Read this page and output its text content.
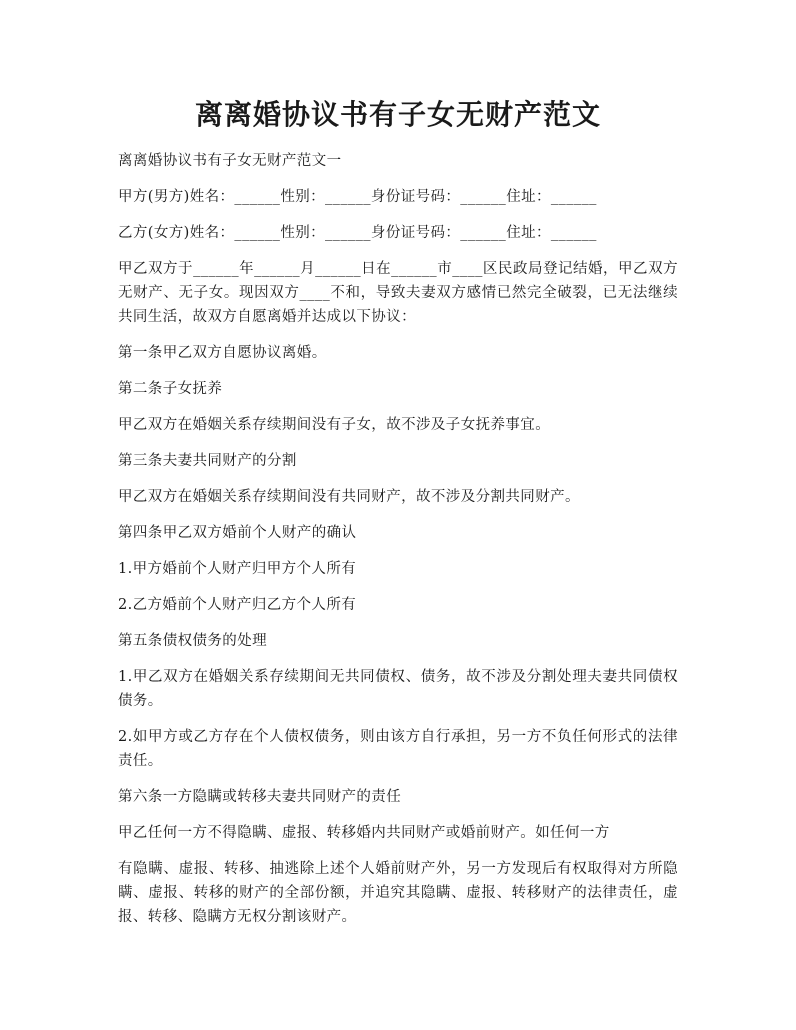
离离婚协议书有子女无财产范文

离离婚协议书有子女无财产范文一

甲方(男方)姓名：______性别：______身份证号码：______住址：______

乙方(女方)姓名：______性别：______身份证号码：______住址：______

甲乙双方于______年______月______日在______市____区民政局登记结婚，甲乙双方无财产、无子女。现因双方____不和，导致夫妻双方感情已然完全破裂，已无法继续共同生活，故双方自愿离婚并达成以下协议：

第一条甲乙双方自愿协议离婚。

第二条子女抚养

甲乙双方在婚姻关系存续期间没有子女，故不涉及子女抚养事宜。

第三条夫妻共同财产的分割

甲乙双方在婚姻关系存续期间没有共同财产，故不涉及分割共同财产。

第四条甲乙双方婚前个人财产的确认

1.甲方婚前个人财产归甲方个人所有

2.乙方婚前个人财产归乙方个人所有

第五条债权债务的处理

1.甲乙双方在婚姻关系存续期间无共同债权、债务，故不涉及分割处理夫妻共同债权债务。

2.如甲方或乙方存在个人债权债务，则由该方自行承担，另一方不负任何形式的法律责任。

第六条一方隐瞒或转移夫妻共同财产的责任

甲乙任何一方不得隐瞒、虚报、转移婚内共同财产或婚前财产。如任何一方

有隐瞒、虚报、转移、抽逃除上述个人婚前财产外，另一方发现后有权取得对方所隐瞒、虚报、转移的财产的全部份额，并追究其隐瞒、虚报、转移财产的法律责任，虚报、转移、隐瞒方无权分割该财产。
